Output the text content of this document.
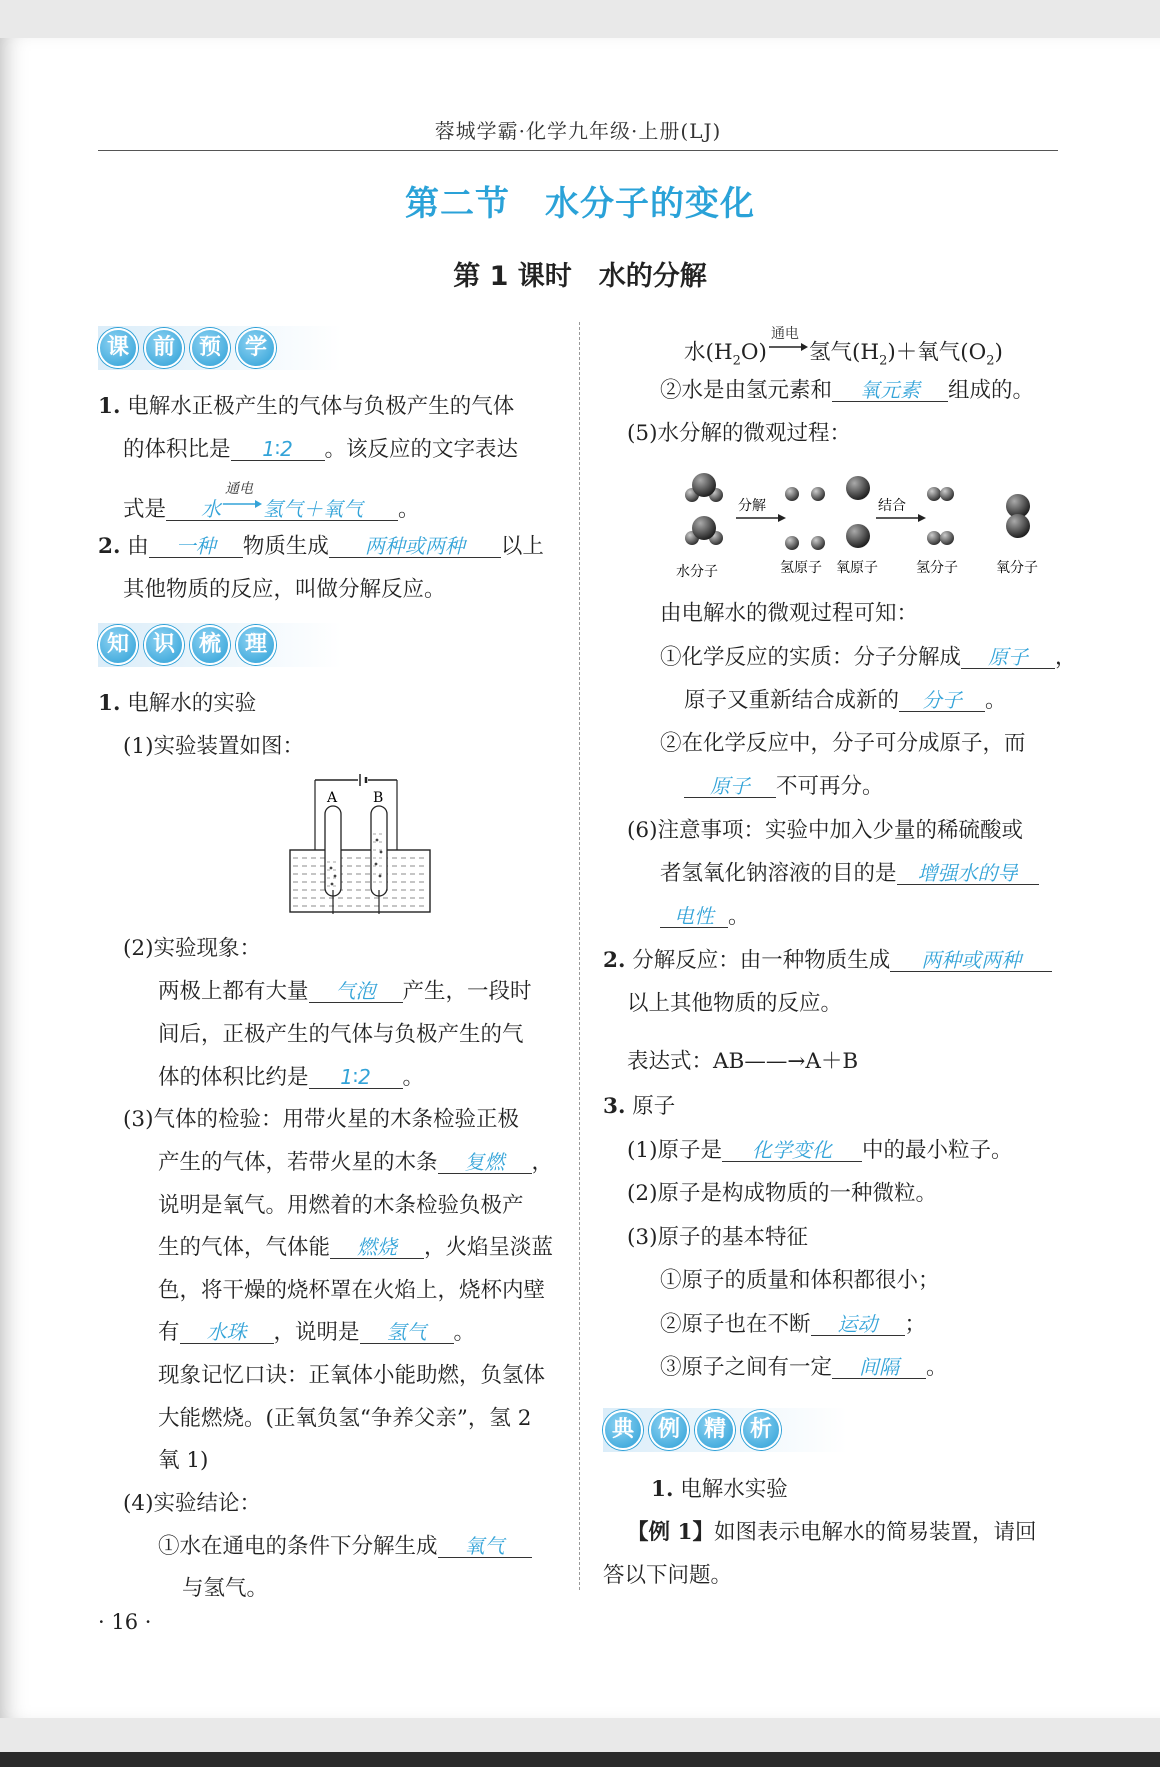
蓉城学霸·化学九年级·上册(LJ)
第二节　水分子的变化
第 1 课时　水的分解
课	前	预	学
1. 电解水正极产生的气体与负极产生的气体
的体积比是 1∶2 。该反应的文字表达
式是 水
通电
氢气＋氧气 。
2. 由 一种 物质生成 两种或两种 以上
其他物质的反应，叫做分解反应。
知	识	梳	理
1. 电解水的实验
(1)实验装置如图：
A	B
(2)实验现象：
两极上都有大量 气泡 产生，一段时
间后，正极产生的气体与负极产生的气
体的体积比约是 1∶2 。
(3)气体的检验：用带火星的木条检验正极
产生的气体，若带火星的木条 复燃 ，
说明是氧气。用燃着的木条检验负极产
生的气体，气体能 燃烧 ，火焰呈淡蓝
色，将干燥的烧杯罩在火焰上，烧杯内壁
有 水珠 ，说明是 氢气 。
现象记忆口诀：正氧体小能助燃，负氢体
大能燃烧。(正氧负氢“争养父亲”，氢 2
氧 1)
(4)实验结论：
①水在通电的条件下分解生成 氧气
与氢气。
· 16 ·
水$(H_2O)$
通电
氢气$(H_2)+$氧气$(O_2)$
②水是由氢元素和 氧元素 组成的。
(5)水分解的微观过程：
分解	结合
水分子	氢原子 氧原子	氢分子	氧分子
由电解水的微观过程可知：
①化学反应的实质：分子分解成 原子 ，
原子又重新结合成新的 分子 。
②在化学反应中，分子可分成原子，而
原子 不可再分。
(6)注意事项：实验中加入少量的稀硫酸或
者氢氧化钠溶液的目的是 增强水的导
电性 。
2. 分解反应：由一种物质生成 两种或两种
以上其他物质的反应。
表达式：AB——→A＋B
3. 原子
(1)原子是 化学变化 中的最小粒子。
(2)原子是构成物质的一种微粒。
(3)原子的基本特征
①原子的质量和体积都很小；
②原子也在不断 运动 ；
③原子之间有一定 间隔 。
典	例	精	析
1. 电解水实验
【例 1】如图表示电解水的简易装置，请回
答以下问题。
